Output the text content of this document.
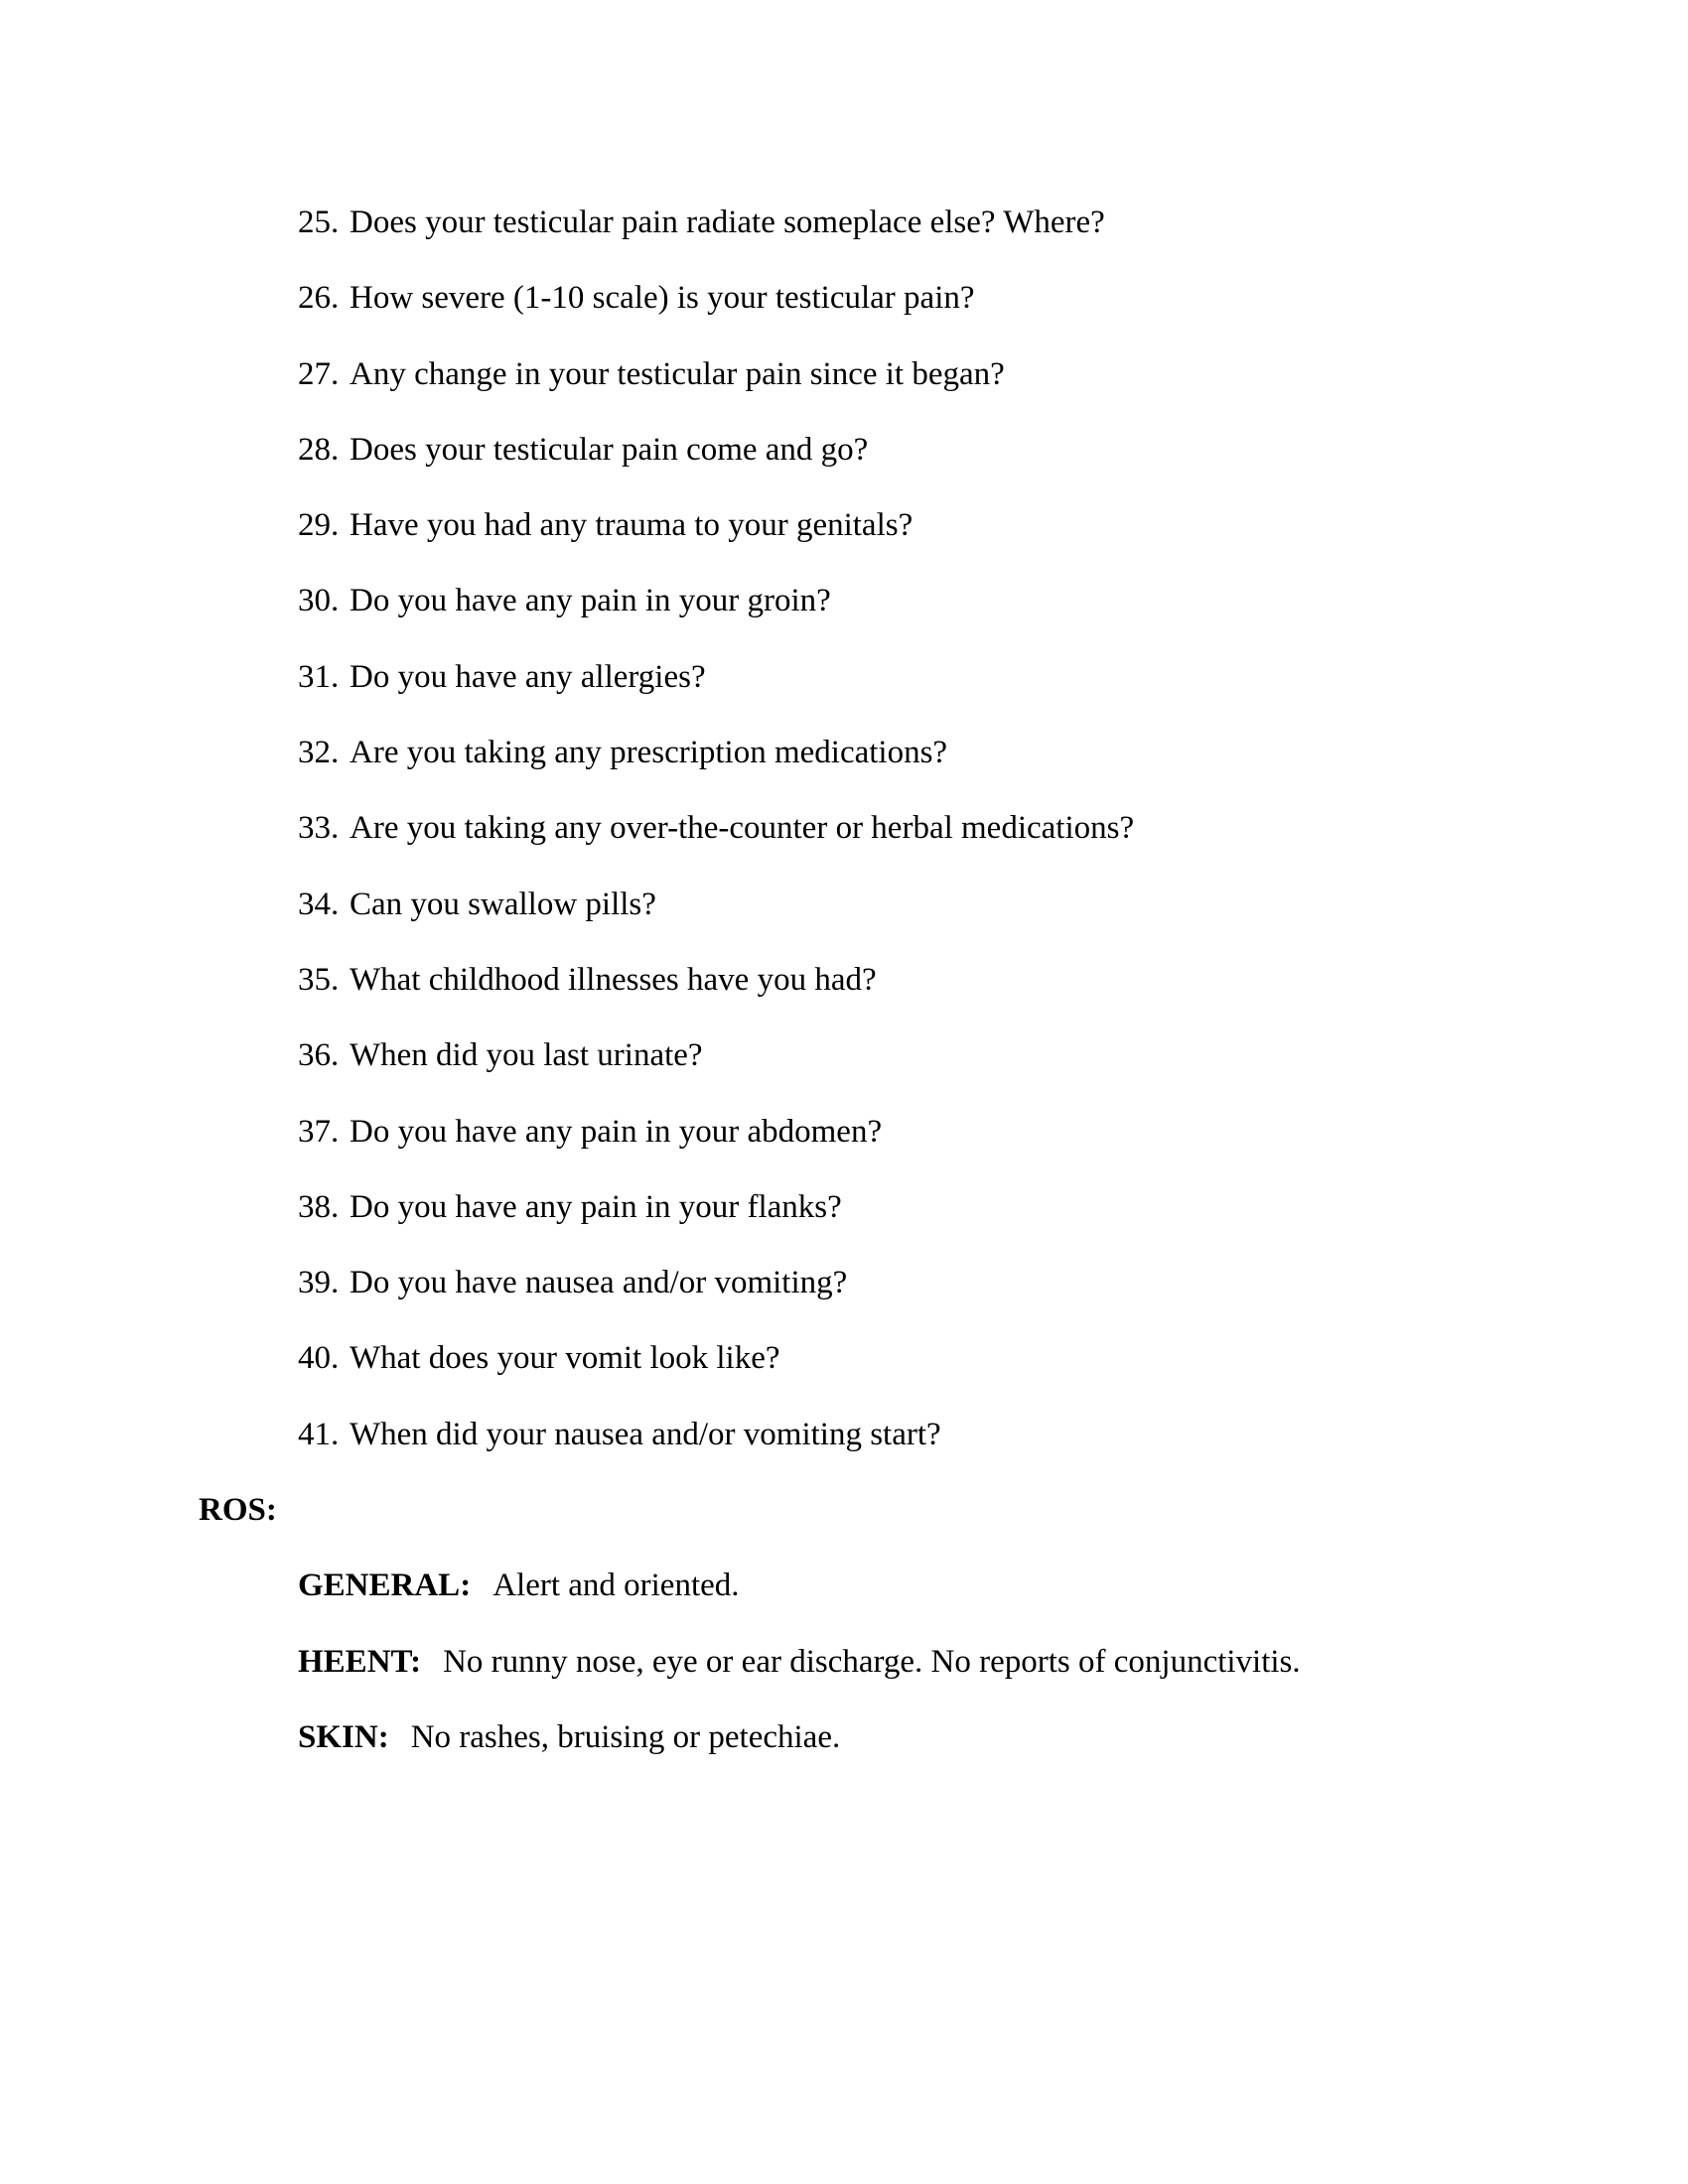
25. Does your testicular pain radiate someplace else? Where?
26. How severe (1-10 scale) is your testicular pain?
27. Any change in your testicular pain since it began?
28. Does your testicular pain come and go?
29. Have you had any trauma to your genitals?
30. Do you have any pain in your groin?
31. Do you have any allergies?
32. Are you taking any prescription medications?
33. Are you taking any over-the-counter or herbal medications?
34. Can you swallow pills?
35. What childhood illnesses have you had?
36. When did you last urinate?
37. Do you have any pain in your abdomen?
38. Do you have any pain in your flanks?
39. Do you have nausea and/or vomiting?
40. What does your vomit look like?
41. When did your nausea and/or vomiting start?
ROS:
GENERAL: Alert and oriented.
HEENT: No runny nose, eye or ear discharge. No reports of conjunctivitis.
SKIN: No rashes, bruising or petechiae.
